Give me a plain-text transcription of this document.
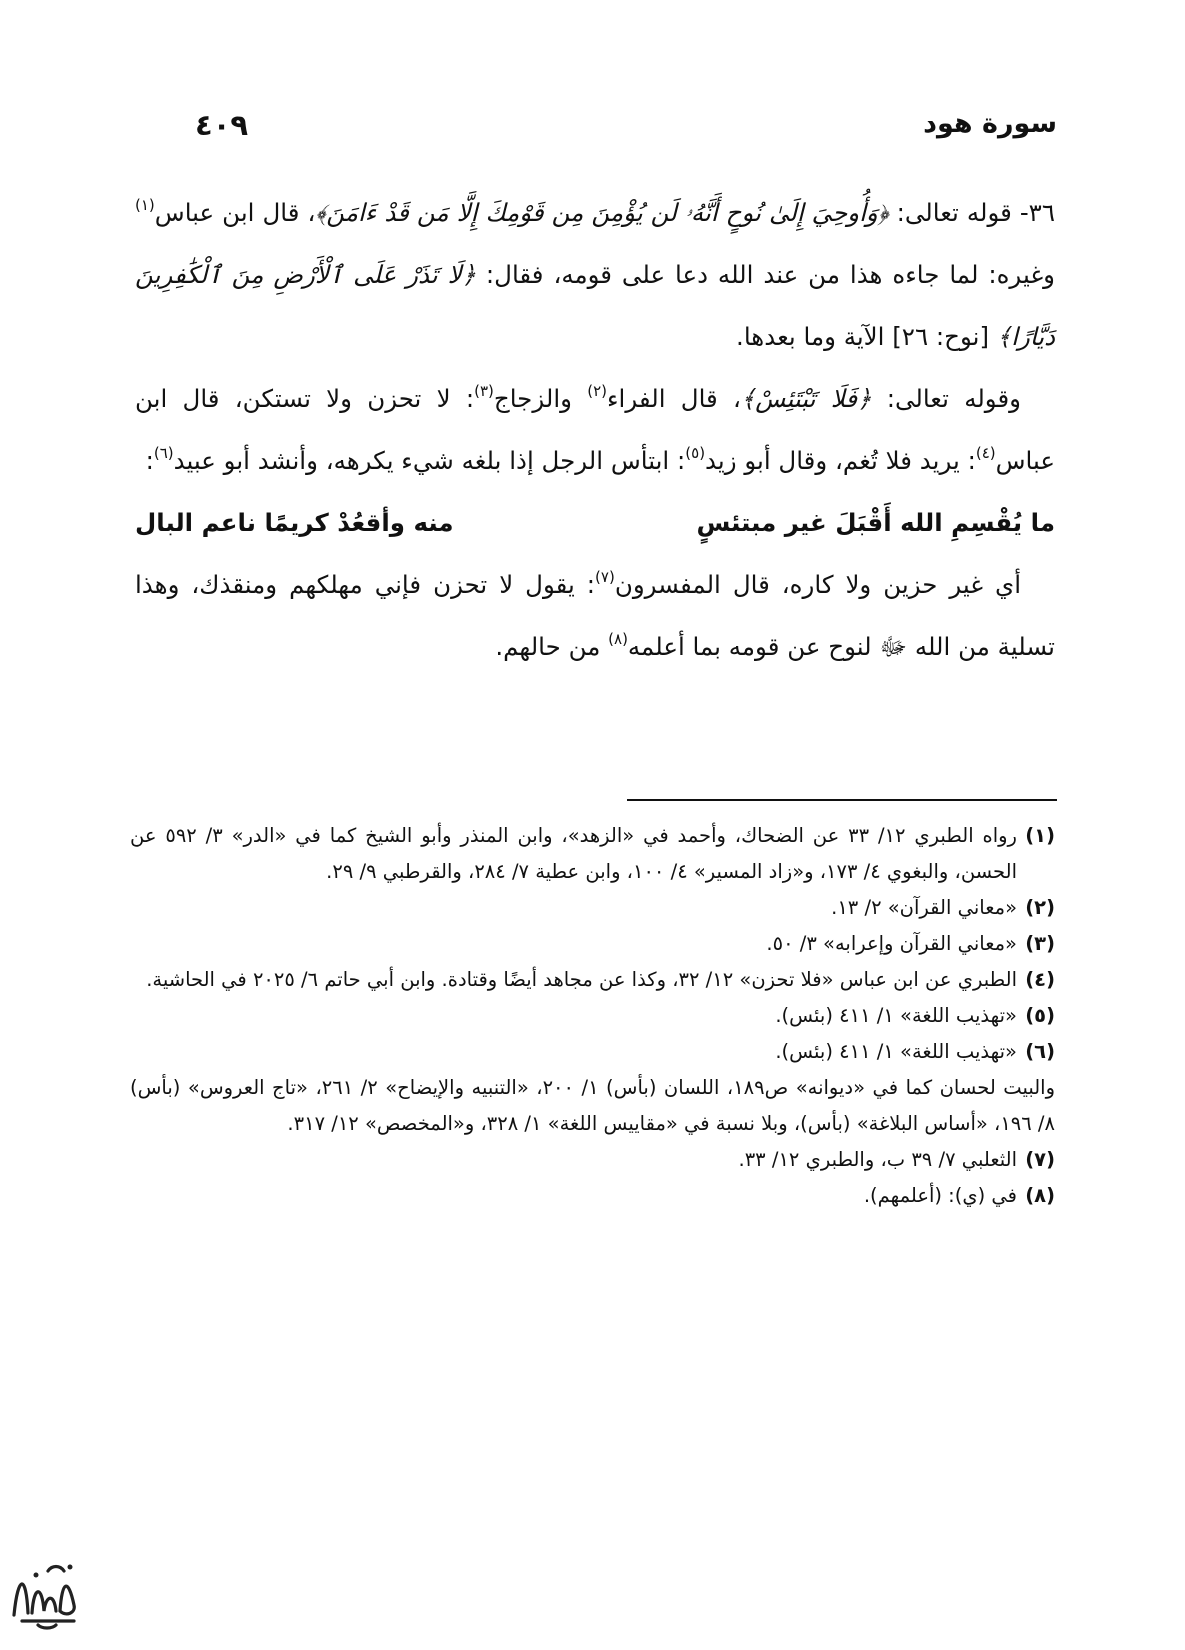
٤٠٩	سورة هود

٣٦- قوله تعالى: ﴿وَأُوحِيَ إِلَىٰ نُوحٍ أَنَّهُۥ لَن يُؤْمِنَ مِن قَوْمِكَ إِلَّا مَن قَدْ ءَامَنَ﴾، قال ابن عباس$^{(١)}$ وغيره: لما جاءه هذا من عند الله دعا على قومه، فقال: ﴿لَا تَذَرْ عَلَى ٱلْأَرْضِ مِنَ ٱلْكَٰفِرِينَ دَيَّارًا﴾ [نوح: ٢٦] الآية وما بعدها.

وقوله تعالى: ﴿فَلَا تَبْتَئِسْ﴾، قال الفراء$^{(٢)}$ والزجاج$^{(٣)}$: لا تحزن ولا تستكن، قال ابن عباس$^{(٤)}$: يريد فلا تُغم، وقال أبو زيد$^{(٥)}$: ابتأس الرجل إذا بلغه شيء يكرهه، وأنشد أبو عبيد$^{(٦)}$:

ما يُقْسِمِ الله أَقْبَلَ غير مبتئسٍ
منه وأقعُدْ كريمًا ناعم البال

أي غير حزين ولا كاره، قال المفسرون$^{(٧)}$: يقول لا تحزن فإني مهلكهم ومنقذك، وهذا تسلية من الله ﷻ لنوح عن قومه بما أعلمه$^{(٨)}$ من حالهم.

(١)
رواه الطبري ١٢/ ٣٣ عن الضحاك، وأحمد في «الزهد»، وابن المنذر وأبو الشيخ كما في «الدر» ٣/ ٥٩٢ عن الحسن، والبغوي ٤/ ١٧٣، و«زاد المسير» ٤/ ١٠٠، وابن عطية ٧/ ٢٨٤، والقرطبي ٩/ ٢٩.
(٢)
«معاني القرآن» ٢/ ١٣.
(٣)
«معاني القرآن وإعرابه» ٣/ ٥٠.
(٤)
الطبري عن ابن عباس «فلا تحزن» ١٢/ ٣٢، وكذا عن مجاهد أيضًا وقتادة. وابن أبي حاتم ٦/ ٢٠٢٥ في الحاشية.
(٥)
«تهذيب اللغة» ١/ ٤١١ (بئس).
(٦)
«تهذيب اللغة» ١/ ٤١١ (بئس).

والبيت لحسان كما في «ديوانه» ص١٨٩، اللسان (بأس) ١/ ٢٠٠، «التنبيه والإيضاح» ٢/ ٢٦١، «تاج العروس» (بأس) ٨/ ١٩٦، «أساس البلاغة» (بأس)، وبلا نسبة في «مقاييس اللغة» ١/ ٣٢٨، و«المخصص» ١٢/ ٣١٧.

(٧)
الثعلبي ٧/ ٣٩ ب، والطبري ١٢/ ٣٣.
(٨)
في (ي): (أعلمهم).
